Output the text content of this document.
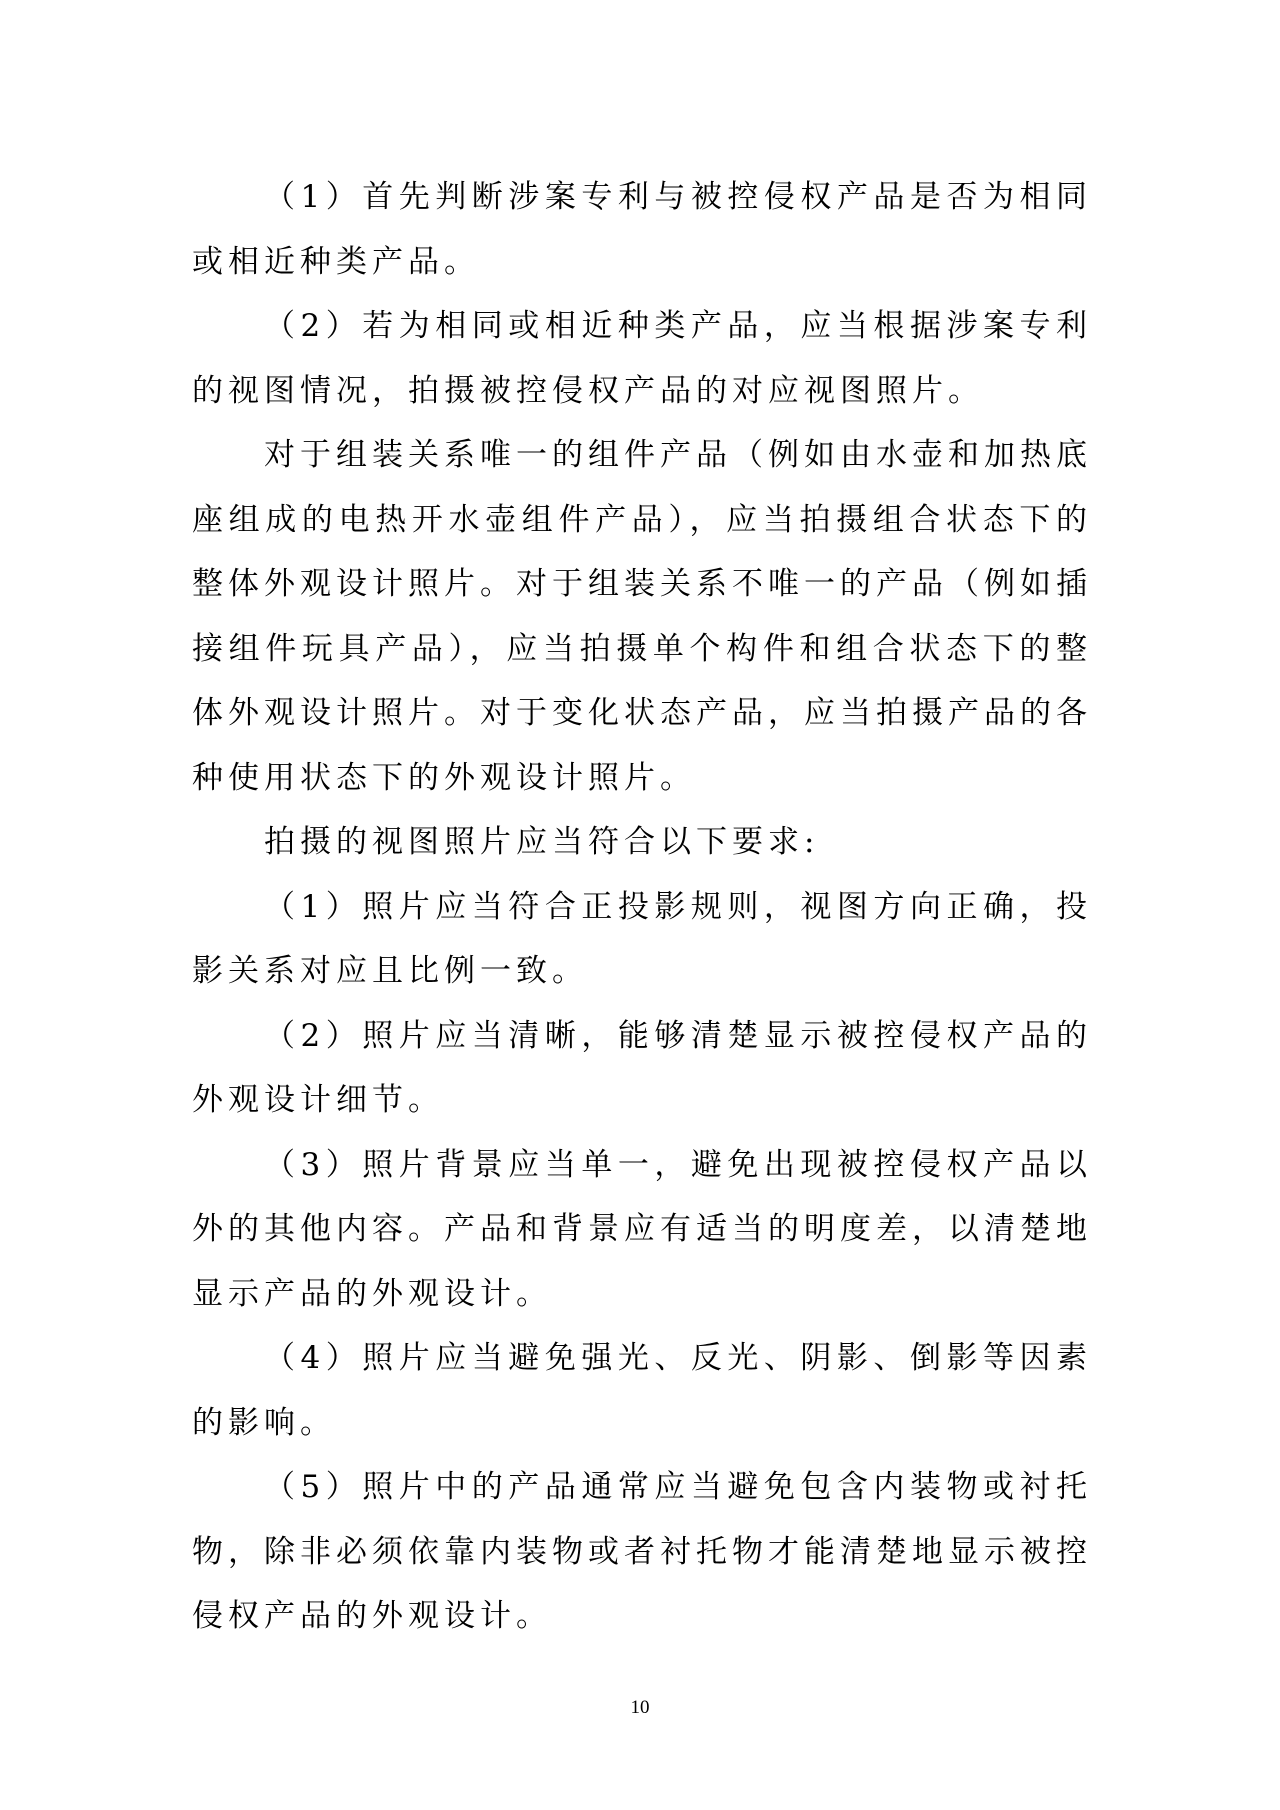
（1）首先判断涉案专利与被控侵权产品是否为相同或相近种类产品。

（2）若为相同或相近种类产品，应当根据涉案专利的视图情况，拍摄被控侵权产品的对应视图照片。

对于组装关系唯一的组件产品（例如由水壶和加热底座组成的电热开水壶组件产品），应当拍摄组合状态下的整体外观设计照片。对于组装关系不唯一的产品（例如插接组件玩具产品），应当拍摄单个构件和组合状态下的整体外观设计照片。对于变化状态产品，应当拍摄产品的各种使用状态下的外观设计照片。

拍摄的视图照片应当符合以下要求:

（1）照片应当符合正投影规则，视图方向正确，投影关系对应且比例一致。

（2）照片应当清晰，能够清楚显示被控侵权产品的外观设计细节。

（3）照片背景应当单一，避免出现被控侵权产品以外的其他内容。产品和背景应有适当的明度差，以清楚地显示产品的外观设计。

（4）照片应当避免强光、反光、阴影、倒影等因素的影响。

（5）照片中的产品通常应当避免包含内装物或衬托物，除非必须依靠内装物或者衬托物才能清楚地显示被控侵权产品的外观设计。

10
